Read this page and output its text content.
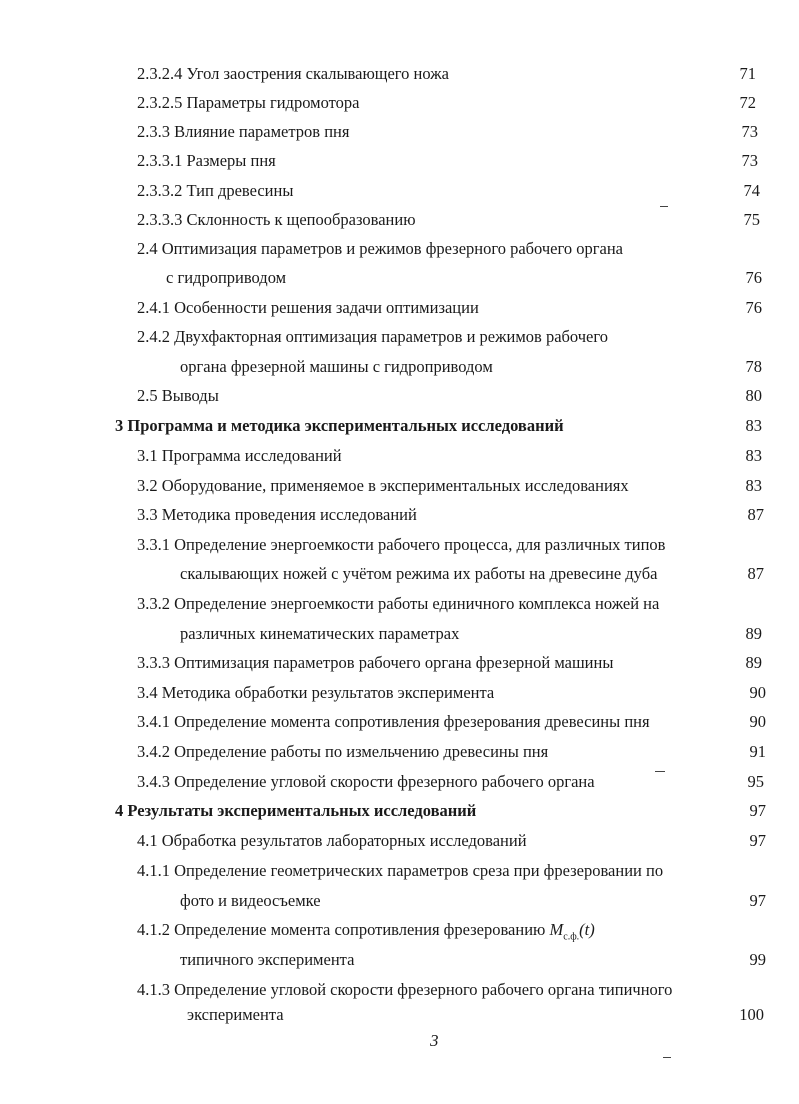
2.3.2.4 Угол заострения скалывающего ножа	71
2.3.2.5 Параметры гидромотора	72
2.3.3 Влияние параметров пня	73
2.3.3.1 Размеры пня	73
2.3.3.2 Тип древесины	74
2.3.3.3 Склонность к щепообразованию	75
2.4 Оптимизация параметров и режимов фрезерного рабочего органа
с гидроприводом	76
2.4.1 Особенности решения задачи оптимизации	76
2.4.2 Двухфакторная оптимизация параметров и режимов рабочего
органа фрезерной машины с гидроприводом	78
2.5 Выводы	80
3 Программа и методика экспериментальных исследований	83
3.1 Программа исследований	83
3.2 Оборудование, применяемое в экспериментальных исследованиях	83
3.3 Методика проведения исследований	87
3.3.1 Определение энергоемкости рабочего процесса, для различных типов
скалывающих ножей с учётом режима их работы на древесине дуба	87
3.3.2 Определение энергоемкости работы единичного комплекса ножей на
различных кинематических параметрах	89
3.3.3 Оптимизация параметров рабочего органа фрезерной машины	89
3.4 Методика обработки результатов эксперимента	90
3.4.1 Определение момента сопротивления фрезерования древесины пня	90
3.4.2 Определение работы по измельчению древесины пня	91
3.4.3 Определение угловой скорости фрезерного рабочего органа	95
4 Результаты экспериментальных исследований	97
4.1 Обработка результатов лабораторных исследований	97
4.1.1 Определение геометрических параметров среза при фрезеровании по
фото и видеосъемке	97
4.1.2 Определение момента сопротивления фрезерованию $M_{с.ф.}(t)$
типичного эксперимента	99
4.1.3 Определение угловой скорости фрезерного рабочего органа типичного
эксперимента	100
3
